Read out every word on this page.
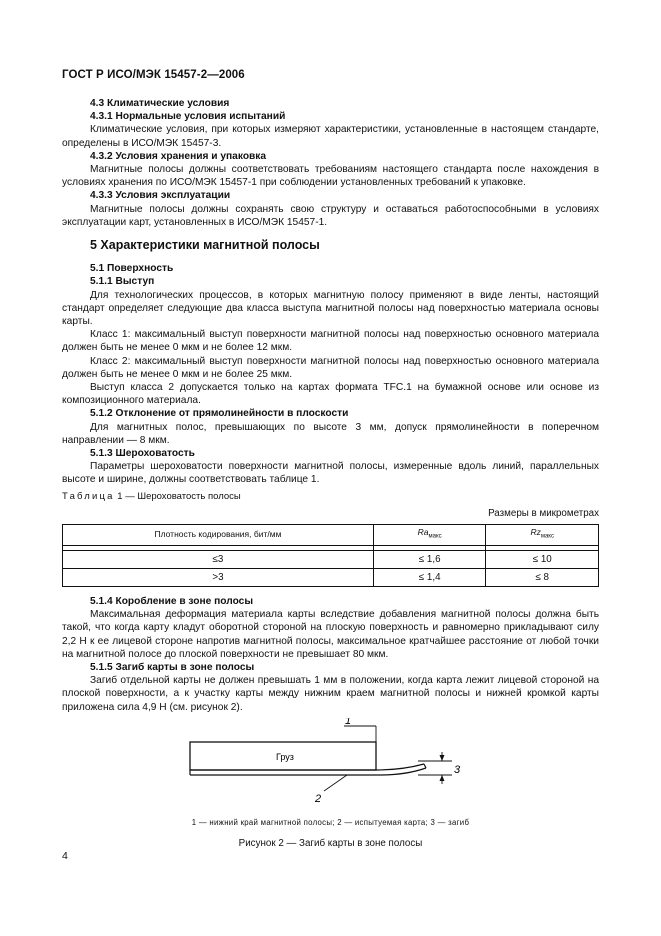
ГОСТ Р ИСО/МЭК 15457-2—2006

4.3 Климатические условия

4.3.1 Нормальные условия испытаний

Климатические условия, при которых измеряют характеристики, установленные в настоящем стандарте, определены в ИСО/МЭК 15457-3.

4.3.2 Условия хранения и упаковка

Магнитные полосы должны соответствовать требованиям настоящего стандарта после нахождения в условиях хранения по ИСО/МЭК 15457-1 при соблюдении установленных требований к упаковке.

4.3.3 Условия эксплуатации

Магнитные полосы должны сохранять свою структуру и оставаться работоспособными в условиях эксплуатации карт, установленных в ИСО/МЭК 15457-1.

5 Характеристики магнитной полосы

5.1 Поверхность

5.1.1 Выступ

Для технологических процессов, в которых магнитную полосу применяют в виде ленты, настоящий стандарт определяет следующие два класса выступа магнитной полосы над поверхностью материала основы карты.

Класс 1: максимальный выступ поверхности магнитной полосы над поверхностью основного материала должен быть не менее 0 мкм и не более 12 мкм.

Класс 2: максимальный выступ поверхности магнитной полосы над поверхностью основного материала должен быть не менее 0 мкм и не более 25 мкм.

Выступ класса 2 допускается только на картах формата TFC.1 на бумажной основе или основе из композиционного материала.

5.1.2 Отклонение от прямолинейности в плоскости

Для магнитных полос, превышающих по высоте 3 мм, допуск прямолинейности в поперечном направлении — 8 мкм.

5.1.3 Шероховатость

Параметры шероховатости поверхности магнитной полосы, измеренные вдоль линий, параллельных высоте и ширине, должны соответствовать таблице 1.

Таблица 1 — Шероховатость полосы

Размеры в микрометрах

Плотность кодирования, бит/мм	$Ra_{макс}$	$Rz_{макс}$

≤3	≤ 1,6	≤ 10
>3	≤ 1,4	≤ 8

5.1.4 Коробление в зоне полосы

Максимальная деформация материала карты вследствие добавления магнитной полосы должна быть такой, что когда карту кладут оборотной стороной на плоскую поверхность и равномерно прикладывают силу 2,2 Н к ее лицевой стороне напротив магнитной полосы, максимальное кратчайшее расстояние от любой точки на магнитной полосе до плоской поверхности не превышает 80 мкм.

5.1.5 Загиб карты в зоне полосы

Загиб отдельной карты не должен превышать 1 мм в положении, когда карта лежит лицевой стороной на плоской поверхности, а к участку карты между нижним краем магнитной полосы и нижней кромкой карты приложена сила 4,9 Н (см. рисунок 2).

Груз
1
2
3

1 — нижний край магнитной полосы; 2 — испытуемая карта; 3 — загиб

Рисунок 2 — Загиб карты в зоне полосы

4
